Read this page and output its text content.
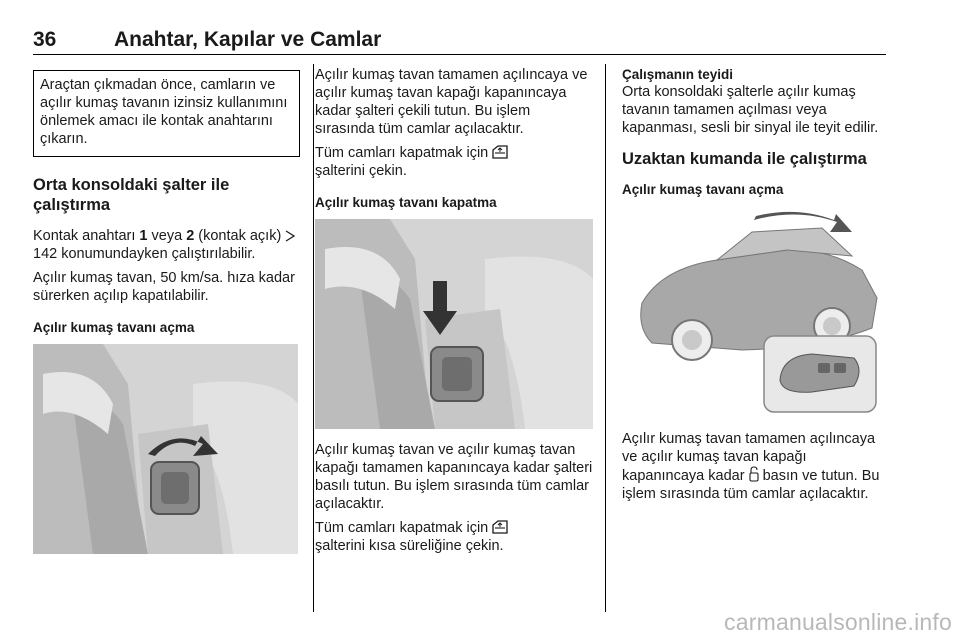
36	Anahtar, Kapılar ve Camlar

Araçtan çıkmadan önce, camların ve açılır kumaş tavanın izinsiz kullanımını önlemek amacı ile kontak anahtarını çıkarın.

Orta konsoldaki şalter ile çalıştırma

Kontak anahtarı 1 veya 2 (kontak açık)  142 konumundayken çalıştırılabilir.

Açılır kumaş tavan, 50 km/sa. hıza kadar sürerken açılıp kapatılabilir.

Açılır kumaş tavanı açma

Açılır kumaş tavan tamamen açılıncaya ve açılır kumaş tavan kapağı kapanıncaya kadar şalteri çekili tutun. Bu işlem sırasında tüm camlar açılacaktır.

Tüm camları kapatmak için
şalterini çekin.

Açılır kumaş tavanı kapatma

Açılır kumaş tavan ve açılır kumaş tavan kapağı tamamen kapanıncaya kadar şalteri basılı tutun. Bu işlem sırasında tüm camlar açılacaktır.

Tüm camları kapatmak için
şalterini kısa süreliğine çekin.

Çalışmanın teyidi

Orta konsoldaki şalterle açılır kumaş tavanın tamamen açılması veya kapanması, sesli bir sinyal ile teyit edilir.

Uzaktan kumanda ile çalıştırma
Açılır kumaş tavanı açma

Açılır kumaş tavan tamamen açılıncaya ve açılır kumaş tavan kapağı kapanıncaya kadar  basın ve tutun. Bu işlem sırasında tüm camlar açılacaktır.

carmanualsonline.info
